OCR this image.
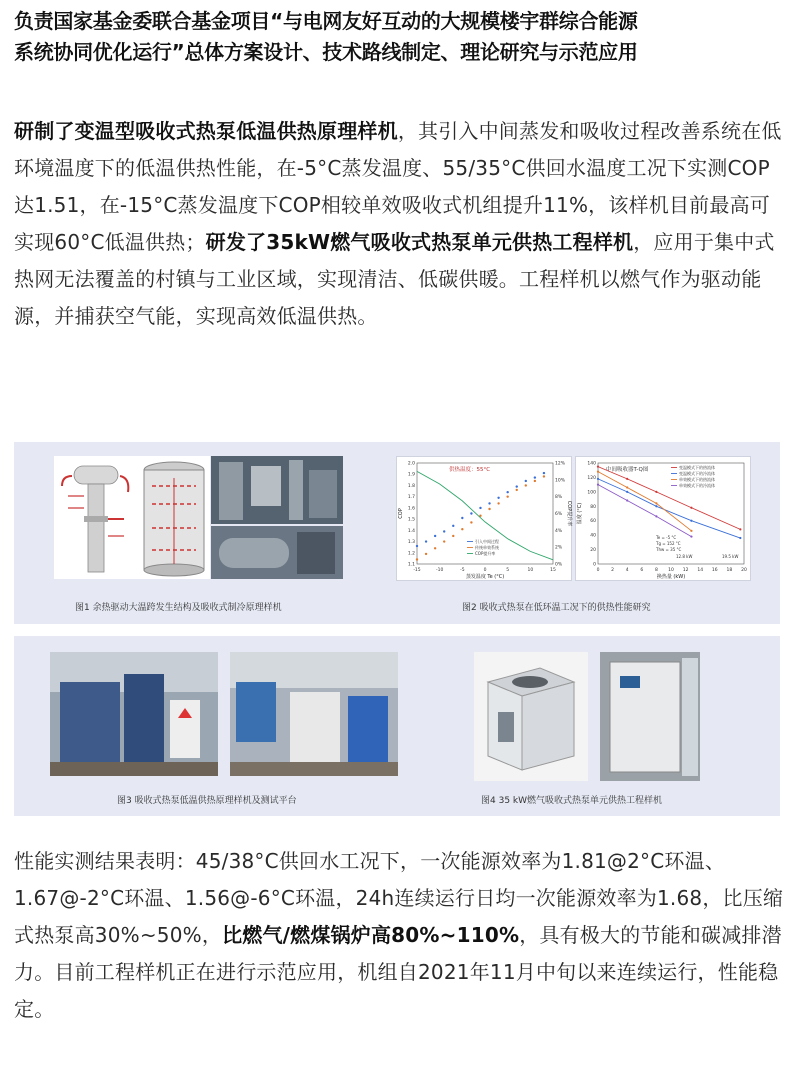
负责国家基金委联合基金项目“与电网友好互动的大规模楼宇群综合能源
系统协同优化运行”总体方案设计、技术路线制定、理论研究与示范应用
研制了变温型吸收式热泵低温供热原理样机，其引入中间蒸发和吸收过程改善系统在低环境温度下的低温供热性能，在-5°C蒸发温度、55/35°C供回水温度工况下实测COP达1.51，在-15°C蒸发温度下COP相较单效吸收式机组提升11%，该样机目前最高可实现60°C低温供热；研发了35kW燃气吸收式热泵单元供热工程样机，应用于集中式热网无法覆盖的村镇与工业区域，实现清洁、低碳供暖。工程样机以燃气作为驱动能源，并捕获空气能，实现高效低温供热。
-15	-10	-5	0	5	10	15
1.1
1.2
1.3
1.4
1.5
1.6
1.7
1.8
1.9
2.0
0%
2%
4%
6%
8%
10%
12%
蒸发温度 Te (°C)
COP	COP提升率
供热温度：55°C
引入中间过程
传统单效系统
COP提升率
0	2	4	6	8 10 12 14 16 18 20
0
20
40
60
80
100
120
140
换热量 (kW)
温度 (°C)
中间吸收器T-Q图	变温模式下的热流体
变温模式下的冷流体
单效模式下的热流体
单效模式下的冷流体
Te = -5 °C
Tg = 152 °C
Thw = 35 °C
12.8 kW	19.5 kW
图1 余热驱动大温跨发生结构及吸收式制冷原理样机	图2 吸收式热泵在低环温工况下的供热性能研究
图3 吸收式热泵低温供热原理样机及测试平台	图4 35 kW燃气吸收式热泵单元供热工程样机
性能实测结果表明：45/38°C供回水工况下，一次能源效率为1.81@2°C环温、1.67@-2°C环温、1.56@-6°C环温，24h连续运行日均一次能源效率为1.68，比压缩式热泵高30%~50%，比燃气/燃煤锅炉高80%~110%，具有极大的节能和碳减排潜力。目前工程样机正在进行示范应用，机组自2021年11月中旬以来连续运行，性能稳定。
